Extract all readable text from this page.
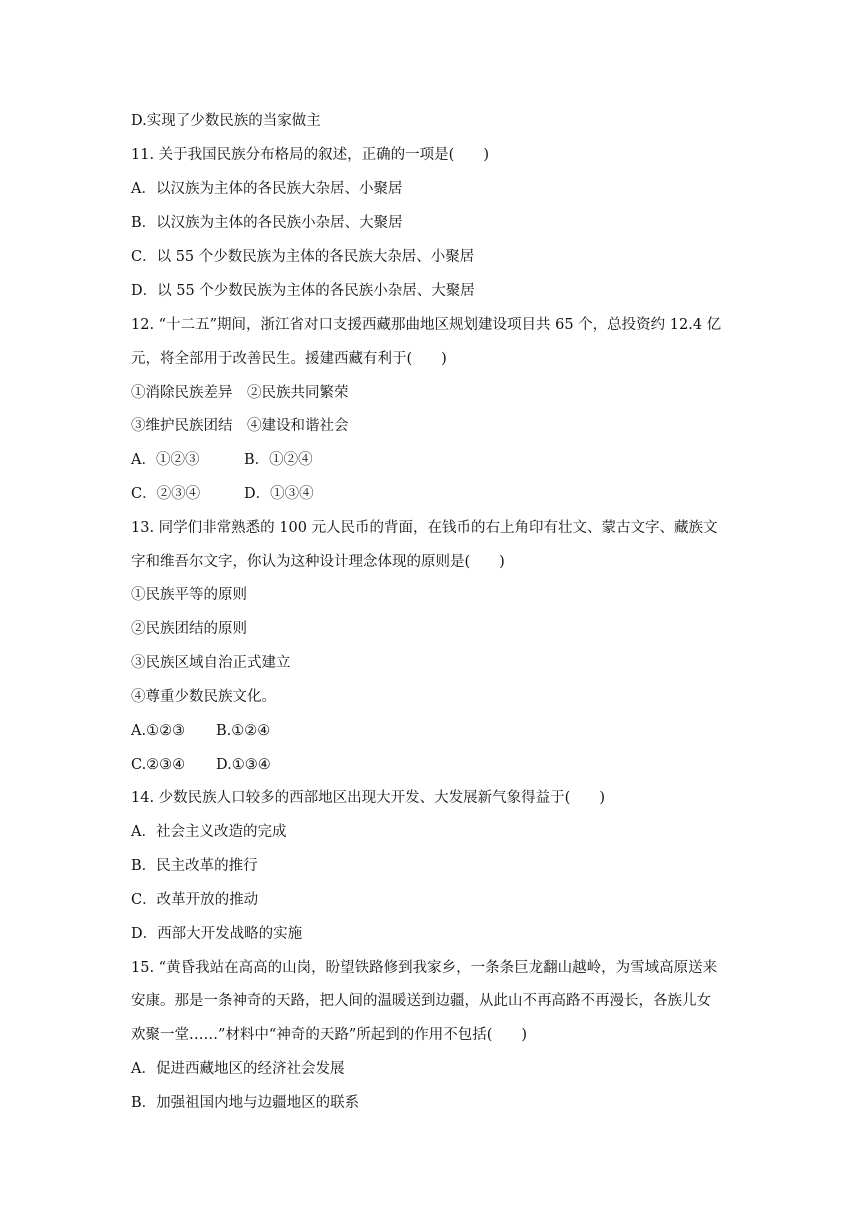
D.实现了少数民族的当家做主
11. 关于我国民族分布格局的叙述，正确的一项是(　　)
A．以汉族为主体的各民族大杂居、小聚居
B．以汉族为主体的各民族小杂居、大聚居
C．以 55 个少数民族为主体的各民族大杂居、小聚居
D．以 55 个少数民族为主体的各民族小杂居、大聚居
12. “十二五”期间，浙江省对口支援西藏那曲地区规划建设项目共 65 个，总投资约 12.4 亿
元，将全部用于改善民生。援建西藏有利于(　　)
①消除民族差异　②民族共同繁荣
③维护民族团结　④建设和谐社会
A．①②③	B．①②④
C．②③④	D．①③④
13. 同学们非常熟悉的 100 元人民币的背面，在钱币的右上角印有壮文、蒙古文字、藏族文
字和维吾尔文字，你认为这种设计理念体现的原则是(　　)
①民族平等的原则
②民族团结的原则
③民族区域自治正式建立
④尊重少数民族文化。
A.①②③	B.①②④
C.②③④	D.①③④
14. 少数民族人口较多的西部地区出现大开发、大发展新气象得益于(　　)
A．社会主义改造的完成
B．民主改革的推行
C．改革开放的推动
D．西部大开发战略的实施
15. “黄昏我站在高高的山岗，盼望铁路修到我家乡，一条条巨龙翻山越岭，为雪域高原送来
安康。那是一条神奇的天路，把人间的温暖送到边疆，从此山不再高路不再漫长，各族儿女
欢聚一堂……”材料中“神奇的天路”所起到的作用不包括(　　)
A．促进西藏地区的经济社会发展
B．加强祖国内地与边疆地区的联系
